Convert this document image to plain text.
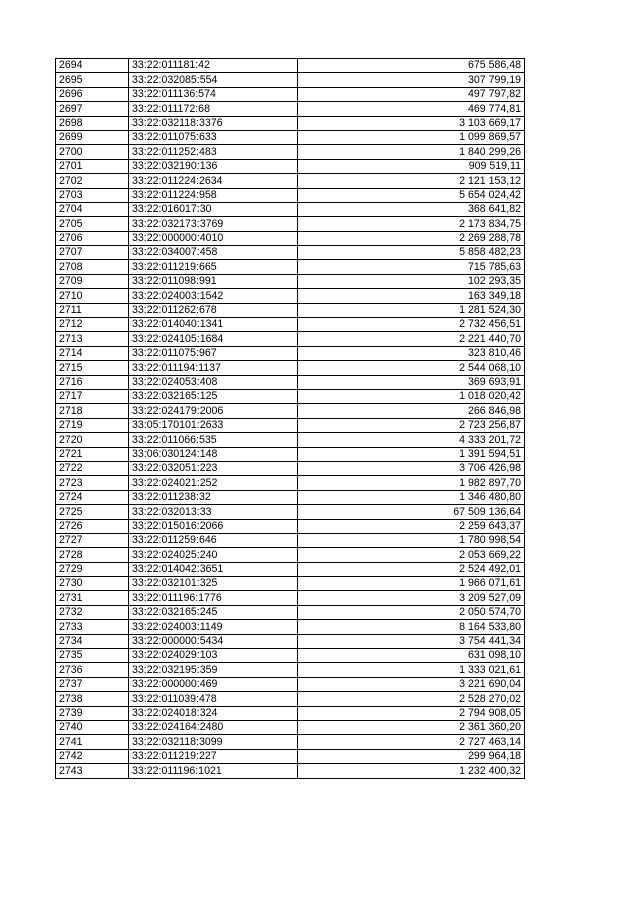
2694	33:22:011181:42	675 586,48
2695	33:22:032085:554	307 799,19
2696	33:22:011136:574	497 797,82
2697	33:22:011172:68	469 774,81
2698	33:22:032118:3376	3 103 669,17
2699	33:22:011075:633	1 099 869,57
2700	33:22:011252:483	1 840 299,26
2701	33:22:032190:136	909 519,11
2702	33:22:011224:2634	2 121 153,12
2703	33:22:011224:958	5 654 024,42
2704	33:22:016017:30	368 641,82
2705	33:22:032173:3769	2 173 834,75
2706	33:22:000000:4010	2 269 288,78
2707	33:22:034007:458	5 858 482,23
2708	33:22:011219:665	715 785,63
2709	33:22:011098:991	102 293,35
2710	33:22:024003:1542	163 349,18
2711	33:22:011262:678	1 281 524,30
2712	33:22:014040:1341	2 732 456,51
2713	33:22:024105:1684	2 221 440,70
2714	33:22:011075:967	323 810,46
2715	33:22:011194:1137	2 544 068,10
2716	33:22:024053:408	369 693,91
2717	33:22:032165:125	1 018 020,42
2718	33:22:024179:2006	266 846,98
2719	33:05:170101:2633	2 723 256,87
2720	33:22:011066:535	4 333 201,72
2721	33:06:030124:148	1 391 594,51
2722	33:22:032051:223	3 706 426,98
2723	33:22:024021:252	1 982 897,70
2724	33:22:011238:32	1 346 480,80
2725	33:22:032013:33	67 509 136,64
2726	33:22:015016:2066	2 259 643,37
2727	33:22:011259:646	1 780 998,54
2728	33:22:024025:240	2 053 669,22
2729	33:22:014042:3651	2 524 492,01
2730	33:22:032101:325	1 966 071,61
2731	33:22:011196:1776	3 209 527,09
2732	33:22:032165:245	2 050 574,70
2733	33:22:024003:1149	8 164 533,80
2734	33:22:000000:5434	3 754 441,34
2735	33:22:024029:103	631 098,10
2736	33:22:032195:359	1 333 021,61
2737	33:22:000000:469	3 221 690,04
2738	33:22:011039:478	2 528 270,02
2739	33:22:024018:324	2 794 908,05
2740	33:22:024164:2480	2 361 360,20
2741	33:22:032118:3099	2 727 463,14
2742	33:22:011219:227	299 964,18
2743	33:22:011196:1021	1 232 400,32
